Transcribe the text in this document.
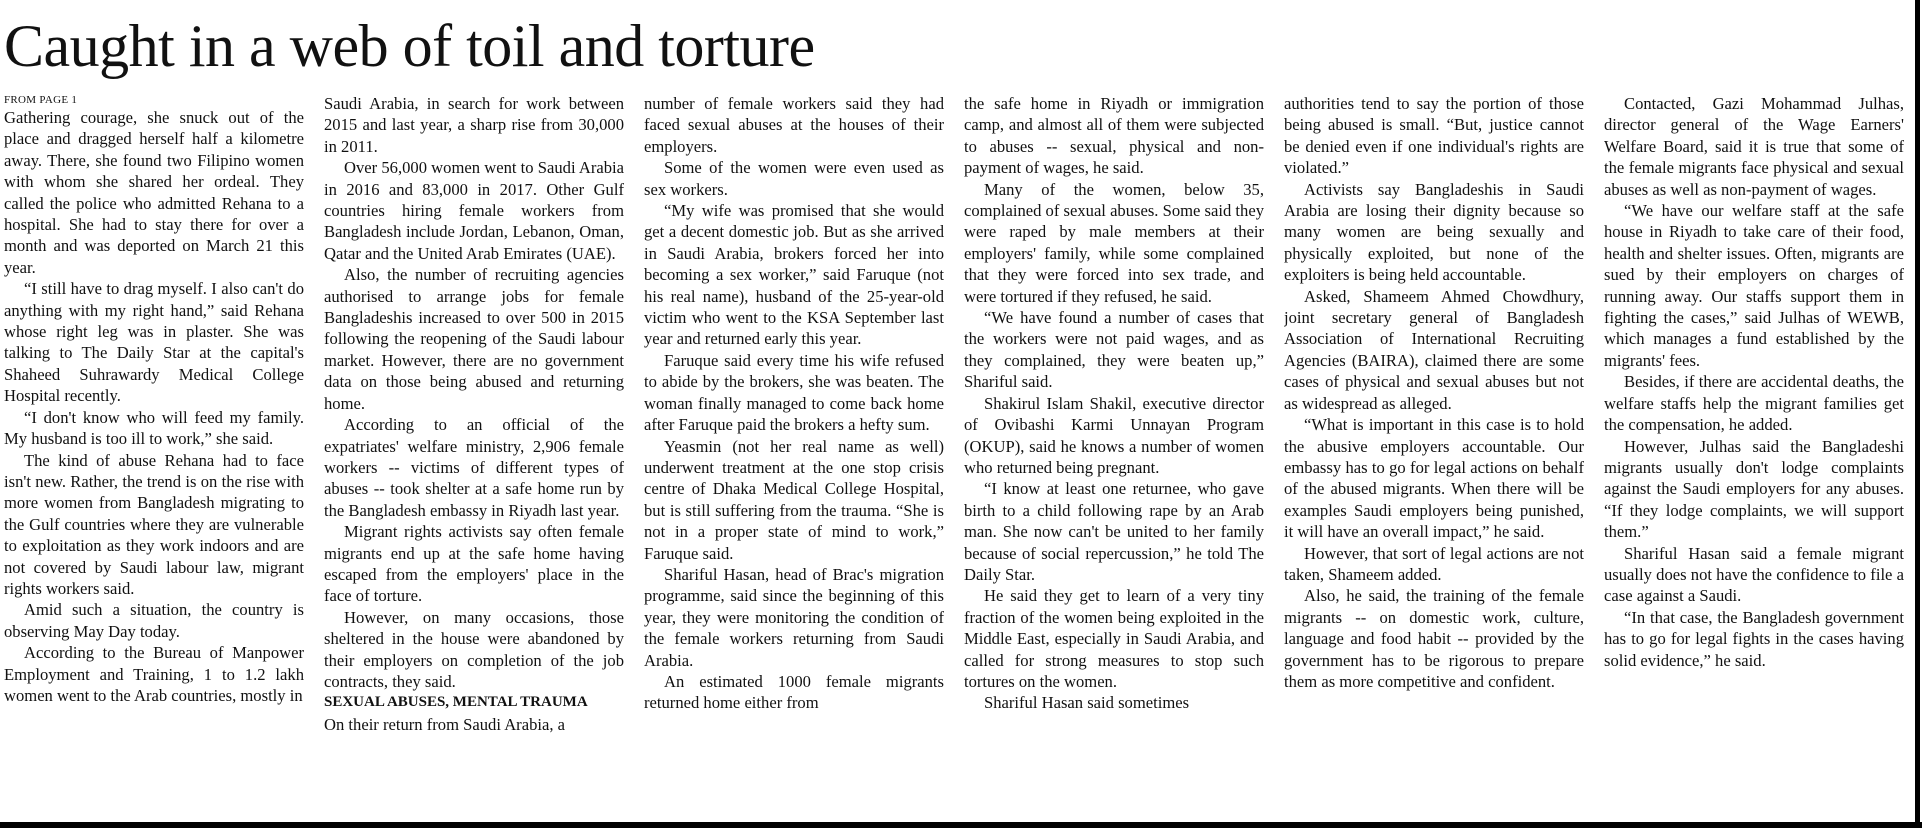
Caught in a web of toil and torture

FROM PAGE 1

Gathering courage, she snuck out of the place and dragged herself half a kilometre away. There, she found two Filipino women with whom she shared her ordeal. They called the police who admitted Rehana to a hospital. She had to stay there for over a month and was deported on March 21 this year.

“I still have to drag myself. I also can't do anything with my right hand,” said Rehana whose right leg was in plaster. She was talking to The Daily Star at the capital's Shaheed Suhrawardy Medical College Hospital recently.

“I don't know who will feed my family. My husband is too ill to work,” she said.

The kind of abuse Rehana had to face isn't new. Rather, the trend is on the rise with more women from Bangladesh migrating to the Gulf countries where they are vulnerable to exploitation as they work indoors and are not covered by Saudi labour law, migrant rights workers said.

Amid such a situation, the country is observing May Day today.

According to the Bureau of Manpower Employment and Training, 1 to 1.2 lakh women went to the Arab countries, mostly in

Saudi Arabia, in search for work between 2015 and last year, a sharp rise from 30,000 in 2011.

Over 56,000 women went to Saudi Arabia in 2016 and 83,000 in 2017. Other Gulf countries hiring female workers from Bangladesh include Jordan, Lebanon, Oman, Qatar and the United Arab Emirates (UAE).

Also, the number of recruiting agencies authorised to arrange jobs for female Bangladeshis increased to over 500 in 2015 following the reopening of the Saudi labour market. However, there are no government data on those being abused and returning home.

According to an official of the expatriates' welfare ministry, 2,906 female workers -- victims of different types of abuses -- took shelter at a safe home run by the Bangladesh embassy in Riyadh last year.

Migrant rights activists say often female migrants end up at the safe home having escaped from the employers' place in the face of torture.

However, on many occasions, those sheltered in the house were abandoned by their employers on completion of the job contracts, they said.

SEXUAL ABUSES, MENTAL TRAUMA

On their return from Saudi Arabia, a

number of female workers said they had faced sexual abuses at the houses of their employers.

Some of the women were even used as sex workers.

“My wife was promised that she would get a decent domestic job. But as she arrived in Saudi Arabia, brokers forced her into becoming a sex worker,” said Faruque (not his real name), husband of the 25-year-old victim who went to the KSA September last year and returned early this year.

Faruque said every time his wife refused to abide by the brokers, she was beaten. The woman finally managed to come back home after Faruque paid the brokers a hefty sum.

Yeasmin (not her real name as well) underwent treatment at the one stop crisis centre of Dhaka Medical College Hospital, but is still suffering from the trauma. “She is not in a proper state of mind to work,” Faruque said.

Shariful Hasan, head of Brac's migration programme, said since the beginning of this year, they were monitoring the condition of the female workers returning from Saudi Arabia.

An estimated 1000 female migrants returned home either from

the safe home in Riyadh or immigration camp, and almost all of them were subjected to abuses -- sexual, physical and non-payment of wages, he said.

Many of the women, below 35, complained of sexual abuses. Some said they were raped by male members at their employers' family, while some complained that they were forced into sex trade, and were tortured if they refused, he said.

“We have found a number of cases that the workers were not paid wages, and as they complained, they were beaten up,” Shariful said.

Shakirul Islam Shakil, executive director of Ovibashi Karmi Unnayan Program (OKUP), said he knows a number of women who returned being pregnant.

“I know at least one returnee, who gave birth to a child following rape by an Arab man. She now can't be united to her family because of social repercussion,” he told The Daily Star.

He said they get to learn of a very tiny fraction of the women being exploited in the Middle East, especially in Saudi Arabia, and called for strong measures to stop such tortures on the women.

Shariful Hasan said sometimes

authorities tend to say the portion of those being abused is small. “But, justice cannot be denied even if one individual's rights are violated.”

Activists say Bangladeshis in Saudi Arabia are losing their dignity because so many women are being sexually and physically exploited, but none of the exploiters is being held accountable.

Asked, Shameem Ahmed Chowdhury, joint secretary general of Bangladesh Association of International Recruiting Agencies (BAIRA), claimed there are some cases of physical and sexual abuses but not as widespread as alleged.

“What is important in this case is to hold the abusive employers accountable. Our embassy has to go for legal actions on behalf of the abused migrants. When there will be examples Saudi employers being punished, it will have an overall impact,” he said.

However, that sort of legal actions are not taken, Shameem added.

Also, he said, the training of the female migrants -- on domestic work, culture, language and food habit -- provided by the government has to be rigorous to prepare them as more competitive and confident.

Contacted, Gazi Mohammad Julhas, director general of the Wage Earners' Welfare Board, said it is true that some of the female migrants face physical and sexual abuses as well as non-payment of wages.

“We have our welfare staff at the safe house in Riyadh to take care of their food, health and shelter issues. Often, migrants are sued by their employers on charges of running away. Our staffs support them in fighting the cases,” said Julhas of WEWB, which manages a fund established by the migrants' fees.

Besides, if there are accidental deaths, the welfare staffs help the migrant families get the compensation, he added.

However, Julhas said the Bangladeshi migrants usually don't lodge complaints against the Saudi employers for any abuses. “If they lodge complaints, we will support them.”

Shariful Hasan said a female migrant usually does not have the confidence to file a case against a Saudi.

“In that case, the Bangladesh government has to go for legal fights in the cases having solid evidence,” he said.
